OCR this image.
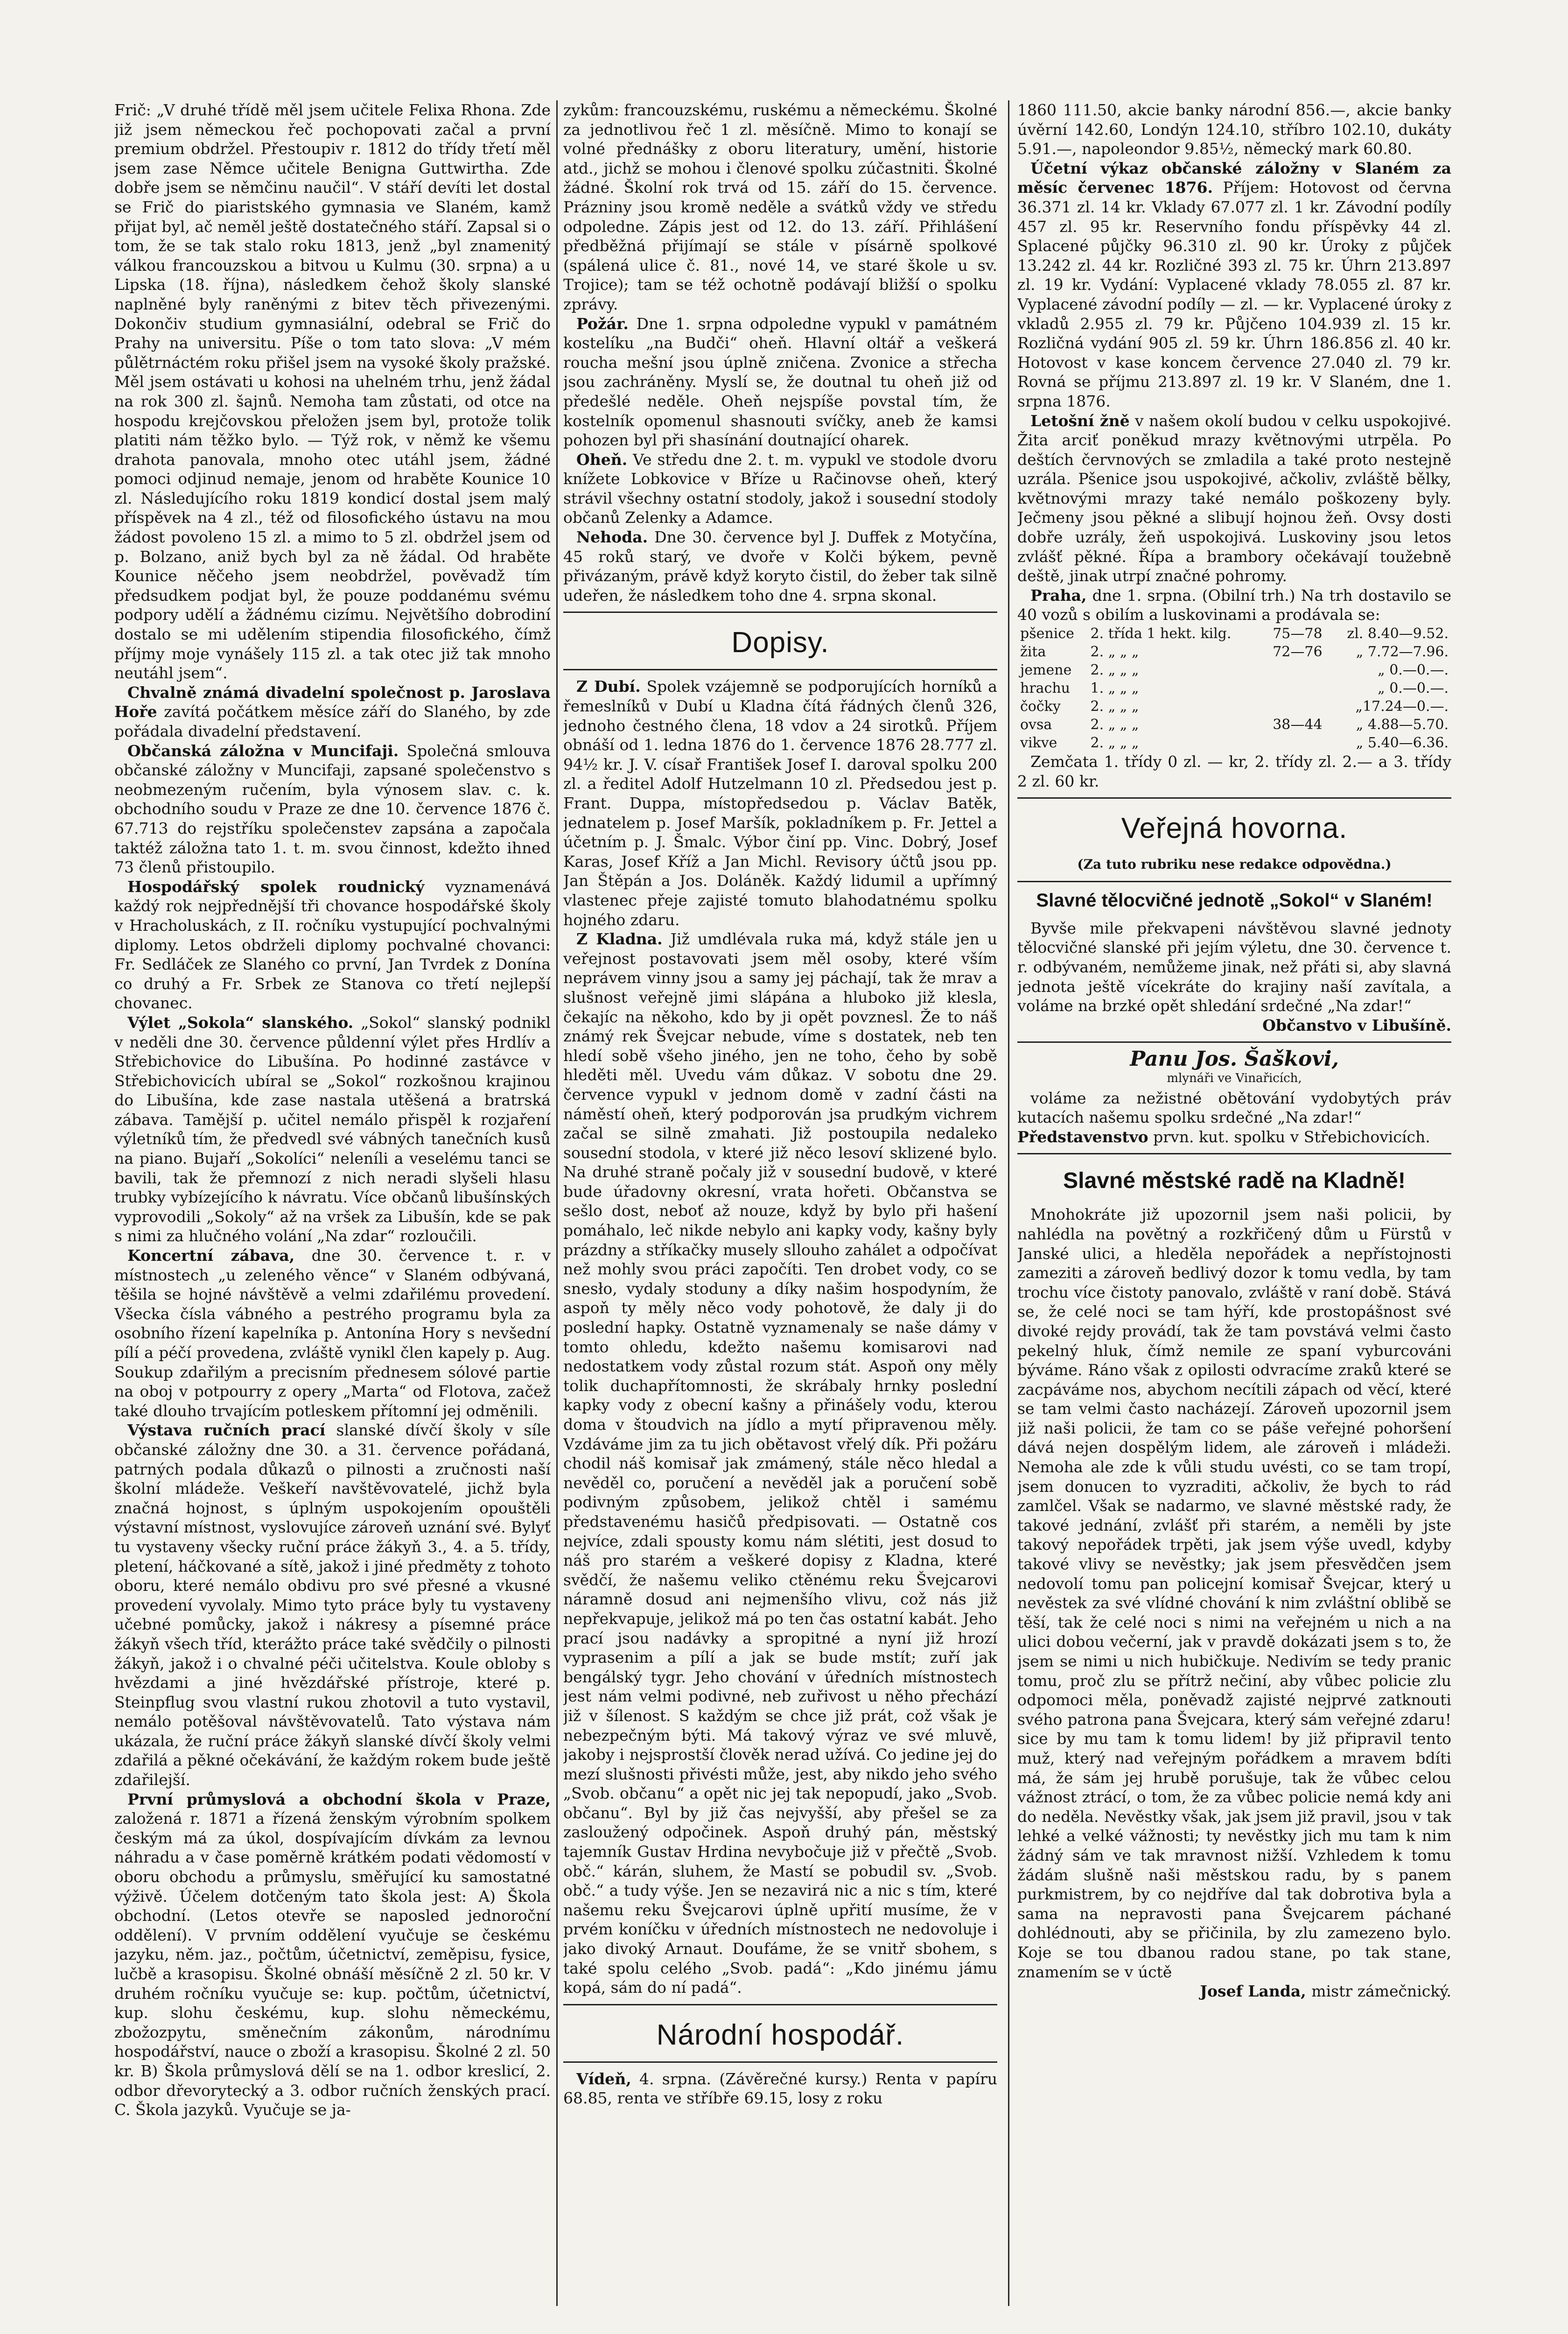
Frič: „V druhé třídě měl jsem učitele Felixa Rhona. Zde již jsem německou řeč pochopovati začal a první premium obdržel. Přestoupiv r. 1812 do třídy třetí měl jsem zase Němce učitele Benigna Guttwirtha. Zde dobře jsem se němčinu naučil“. V stáří devíti let dostal se Frič do piaristského gymnasia ve Slaném, kamž přijat byl, ač neměl ještě dostatečného stáří. Zapsal si o tom, že se tak stalo roku 1813, jenž „byl znamenitý válkou francouzskou a bitvou u Kulmu (30. srpna) a u Lipska (18. října), následkem čehož školy slanské naplněné byly raněnými z bitev těch přivezenými. Dokončiv studium gymnasiální, odebral se Frič do Prahy na universitu. Píše o tom tato slova: „V mém půlětrnáctém roku přišel jsem na vysoké školy pražské. Měl jsem ostávati u kohosi na uhelném trhu, jenž žádal na rok 300 zl. šajnů. Nemoha tam zůstati, od otce na hospodu krejčovskou přeložen jsem byl, protože tolik platiti nám těžko bylo. — Týž rok, v němž ke všemu drahota panovala, mnoho otec utáhl jsem, žádné pomoci odjinud nemaje, jenom od hraběte Kounice 10 zl. Následujícího roku 1819 kondicí dostal jsem malý příspěvek na 4 zl., též od filosofického ústavu na mou žádost povoleno 15 zl. a mimo to 5 zl. obdržel jsem od p. Bolzano, aniž bych byl za ně žádal. Od hraběte Kounice něčeho jsem neobdržel, pověvadž tím předsudkem podjat byl, že pouze poddanému svému podpory udělí a žádnému cizímu. Největšího dobrodiní dostalo se mi udělením stipendia filosofického, čímž příjmy moje vynášely 115 zl. a tak otec již tak mnoho neutáhl jsem“.

Chvalně známá divadelní společnost p. Jaroslava Hoře zavítá počátkem měsíce září do Slaného, by zde pořádala divadelní představení.

Občanská záložna v Muncifaji. Společná smlouva občanské záložny v Muncifaji, zapsané společenstvo s neobmezeným ručením, byla výnosem slav. c. k. obchodního soudu v Praze ze dne 10. července 1876 č. 67.713 do rejstříku společenstev zapsána a započala taktéž záložna tato 1. t. m. svou činnost, kdežto ihned 73 členů přistoupilo.

Hospodářský spolek roudnický vyznamenává každý rok nejpřednější tři chovance hospodářské školy v Hracholuskách, z II. ročníku vystupující pochvalnými diplomy. Letos obdrželi diplomy pochvalné chovanci: Fr. Sedláček ze Slaného co první, Jan Tvrdek z Donína co druhý a Fr. Srbek ze Stanova co třetí nejlepší chovanec.

Výlet „Sokola“ slanského. „Sokol“ slanský podnikl v neděli dne 30. července půldenní výlet přes Hrdlív a Střebichovice do Libušína. Po hodinné zastávce v Střebichovicích ubíral se „Sokol“ rozkošnou krajinou do Libušína, kde zase nastala utěšená a bratrská zábava. Tamější p. učitel nemálo přispěl k rozjaření výletníků tím, že předvedl své vábných tanečních kusů na piano. Bujaří „Sokolíci“ neleníli a veselému tanci se bavili, tak že přemnozí z nich neradi slyšeli hlasu trubky vybízejícího k návratu. Více občanů libušínských vyprovodili „Sokoly“ až na vršek za Libušín, kde se pak s nimi za hlučného volání „Na zdar“ rozloučili.

Koncertní zábava, dne 30. července t. r. v místnostech „u zeleného věnce“ v Slaném odbývaná, těšila se hojné návštěvě a velmi zdařilému provedení. Všecka čísla vábného a pestrého programu byla za osobního řízení kapelníka p. Antonína Hory s nevšední pílí a péčí provedena, zvláště vynikl člen kapely p. Aug. Soukup zdařilým a precisním přednesem sólové partie na oboj v potpourry z opery „Marta“ od Flotova, začež také dlouho trvajícím potleskem přítomní jej odměnili.

Výstava ručních prací slanské dívčí školy v síle občanské záložny dne 30. a 31. července pořádaná, patrných podala důkazů o pilnosti a zručnosti naší školní mládeže. Veškeří navštěvovatelé, jichž byla značná hojnost, s úplným uspokojením opouštěli výstavní místnost, vyslovujíce zároveň uznání své. Bylyť tu vystaveny všecky ruční práce žákyň 3., 4. a 5. třídy, pletení, háčkované a sítě, jakož i jiné předměty z tohoto oboru, které nemálo obdivu pro své přesné a vkusné provedení vyvolaly. Mimo tyto práce byly tu vystaveny učebné pomůcky, jakož i nákresy a písemné práce žákyň všech tříd, kterážto práce také svědčily o pilnosti žákyň, jakož i o chvalné péči učitelstva. Koule obloby s hvězdami a jiné hvězdářské přístroje, které p. Steinpflug svou vlastní rukou zhotovil a tuto vystavil, nemálo potěšoval návštěvovatelů. Tato výstava nám ukázala, že ruční práce žákyň slanské dívčí školy velmi zdařilá a pěkné očekávání, že každým rokem bude ještě zdařilejší.

První průmyslová a obchodní škola v Praze, založená r. 1871 a řízená ženským výrobním spolkem českým má za úkol, dospívajícím dívkám za levnou náhradu a v čase poměrně krátkém podati vědomostí v oboru obchodu a průmyslu, směřující ku samostatné výživě. Účelem dotčeným tato škola jest: A) Škola obchodní. (Letos otevře se naposled jednoroční oddělení). V prvním oddělení vyučuje se českému jazyku, něm. jaz., počtům, účetnictví, zeměpisu, fysice, lučbě a krasopisu. Školné obnáší měsíčně 2 zl. 50 kr. V druhém ročníku vyučuje se: kup. počtům, účetnictví, kup. slohu českému, kup. slohu německému, zbožozpytu, směnečním zákonům, národnímu hospodářství, nauce o zboží a krasopisu. Školné 2 zl. 50 kr. B) Škola průmyslová dělí se na 1. odbor kreslicí, 2. odbor dřevorytecký a 3. odbor ručních ženských prací. C. Škola jazyků. Vyučuje se ja-

zykům: francouzskému, ruskému a německému. Školné za jednotlivou řeč 1 zl. měsíčně. Mimo to konají se volné přednášky z oboru literatury, umění, historie atd., jichž se mohou i členové spolku zúčastniti. Školné žádné. Školní rok trvá od 15. září do 15. července. Prázniny jsou kromě neděle a svátků vždy ve středu odpoledne. Zápis jest od 12. do 13. září. Přihlášení předběžná přijímají se stále v písárně spolkové (spálená ulice č. 81., nové 14, ve staré škole u sv. Trojice); tam se též ochotně podávají bližší o spolku zprávy.

Požár. Dne 1. srpna odpoledne vypukl v památném kostelíku „na Budči“ oheň. Hlavní oltář a veškerá roucha mešní jsou úplně zničena. Zvonice a střecha jsou zachráněny. Myslí se, že doutnal tu oheň již od předešlé neděle. Oheň nejspíše povstal tím, že kostelník opomenul shasnouti svíčky, aneb že kamsi pohozen byl při shasínání doutnající oharek.

Oheň. Ve středu dne 2. t. m. vypukl ve stodole dvoru knížete Lobkovice v Bříze u Račinovse oheň, který strávil všechny ostatní stodoly, jakož i sousední stodoly občanů Zelenky a Adamce.

Nehoda. Dne 30. července byl J. Duffek z Motyčína, 45 roků starý, ve dvoře v Kolči býkem, pevně přivázaným, právě když koryto čistil, do žeber tak silně udeřen, že následkem toho dne 4. srpna skonal.

Dopisy.

Z Dubí. Spolek vzájemně se podporujících horníků a řemeslníků v Dubí u Kladna čítá řádných členů 326, jednoho čestného člena, 18 vdov a 24 sirotků. Příjem obnáší od 1. ledna 1876 do 1. července 1876 28.777 zl. 94½ kr. J. V. císař František Josef I. daroval spolku 200 zl. a ředitel Adolf Hutzelmann 10 zl. Předsedou jest p. Frant. Duppa, místopředsedou p. Václav Batěk, jednatelem p. Josef Maršík, pokladníkem p. Fr. Jettel a účetním p. J. Šmalc. Výbor činí pp. Vinc. Dobrý, Josef Karas, Josef Kříž a Jan Michl. Revisory účtů jsou pp. Jan Štěpán a Jos. Doláněk. Každý lidumil a upřímný vlastenec přeje zajisté tomuto blahodatnému spolku hojného zdaru.

Z Kladna. Již umdlévala ruka má, když stále jen u veřejnost postavovati jsem měl osoby, které vším neprávem vinny jsou a samy jej páchají, tak že mrav a slušnost veřejně jimi slápána a hluboko již klesla, čekajíc na někoho, kdo by ji opět povznesl. Že to náš známý rek Švejcar nebude, víme s dostatek, neb ten hledí sobě všeho jiného, jen ne toho, čeho by sobě hleděti měl. Uvedu vám důkaz. V sobotu dne 29. července vypukl v jednom domě v zadní části na náměstí oheň, který podporován jsa prudkým vichrem začal se silně zmahati. Již postoupila nedaleko sousední stodola, v které již něco lesoví sklizené bylo. Na druhé straně počaly již v sousední budově, v které bude úřadovny okresní, vrata hořeti. Občanstva se sešlo dost, neboť až nouze, když by bylo při hašení pomáhalo, leč nikde nebylo ani kapky vody, kašny byly prázdny a stříkačky musely sllouho zahálet a odpočívat než mohly svou práci započíti. Ten drobet vody, co se snesło, vydaly stoduny a díky našim hospodyním, že aspoň ty měly něco vody pohotově, že daly ji do poslední hapky. Ostatně vyznamenaly se naše dámy v tomto ohledu, kdežto našemu komisarovi nad nedostatkem vody zůstal rozum stát. Aspoň ony měly tolik duchapřítomnosti, že skrábaly hrnky poslední kapky vody z obecní kašny a přinášely vodu, kterou doma v štoudvich na jídlo a mytí připravenou měly. Vzdáváme jim za tu jich obětavost vřelý dík. Při požáru chodil náš komisař jak zmámený, stále něco hledal a nevěděl co, poručení a nevěděl jak a poručení sobě podivným způsobem, jelikož chtěl i samému představenému hasičů předpisovati. — Ostatně cos nejvíce, zdali spousty komu nám slétiti, jest dosud to náš pro starém a veškeré dopisy z Kladna, které svědčí, že našemu veliko ctěnému reku Švejcarovi náramně dosud ani nejmenšího vlivu, což nás již nepřekvapuje, jelikož má po ten čas ostatní kabát. Jeho prací jsou nadávky a spropitné a nyní již hrozí vyprasenim a pílí a jak se bude mstít; zuří jak bengálský tygr. Jeho chování v úředních místnostech jest nám velmi podivné, neb zuřivost u něho přechází již v šílenost. S každým se chce již prát, což však je nebezpečným býti. Má takový výraz ve své mluvě, jakoby i nejsprostší člověk nerad užívá. Co jedine jej do mezí slušnosti přivésti může, jest, aby nikdo jeho svého „Svob. občanu“ a opět nic jej tak nepopudí, jako „Svob. občanu“. Byl by již čas nejvyšší, aby přešel se za zasloužený odpočinek. Aspoň druhý pán, městský tajemník Gustav Hrdina nevybočuje již v přečtě „Svob. obč.“ kárán, sluhem, že Mastí se pobudil sv. „Svob. obč.“ a tudy výše. Jen se nezavirá nic a nic s tím, které našemu reku Švejcarovi úplně upřití musíme, že v prvém koníčku v úředních místnostech ne nedovoluje i jako divoký Arnaut. Doufáme, že se vnitř sbohem, s také spolu celého „Svob. padá“: „Kdo jinému jámu kopá, sám do ní padá“.

Národní hospodář.

Vídeň, 4. srpna. (Závěrečné kursy.) Renta v papíru 68.85, renta ve stříbře 69.15, losy z roku

1860 111.50, akcie banky národní 856.—, akcie banky úvěrní 142.60, Londýn 124.10, stříbro 102.10, dukáty 5.91.—, napoleondor 9.85½, německý mark 60.80.

Účetní výkaz občanské záložny v Slaném za měsíc červenec 1876. Příjem: Hotovost od června 36.371 zl. 14 kr. Vklady 67.077 zl. 1 kr. Závodní podíly 457 zl. 95 kr. Reservního fondu příspěvky 44 zl. Splacené půjčky 96.310 zl. 90 kr. Úroky z půjček 13.242 zl. 44 kr. Rozličné 393 zl. 75 kr. Úhrn 213.897 zl. 19 kr. Vydání: Vyplacené vklady 78.055 zl. 87 kr. Vyplacené závodní podíly — zl. — kr. Vyplacené úroky z vkladů 2.955 zl. 79 kr. Půjčeno 104.939 zl. 15 kr. Rozličná vydání 905 zl. 59 kr. Úhrn 186.856 zl. 40 kr. Hotovost v kase koncem července 27.040 zl. 79 kr. Rovná se příjmu 213.897 zl. 19 kr. V Slaném, dne 1. srpna 1876.

Letošní žně v našem okolí budou v celku uspokojivé. Žita arciť poněkud mrazy květnovými utrpěla. Po deštích červnových se zmladila a také proto nestejně uzrála. Pšenice jsou uspokojivé, ačkoliv, zvláště bělky, květnovými mrazy také nemálo poškozeny byly. Ječmeny jsou pěkné a slibují hojnou žeň. Ovsy dosti dobře uzrály, žeň uspokojivá. Luskoviny jsou letos zvlášť pěkné. Řípa a brambory očekávají toužebně deště, jinak utrpí značné pohromy.

Praha, dne 1. srpna. (Obilní trh.) Na trh dostavilo se 40 vozů s obilím a luskovinami a prodávala se:

pšenice	2. třída 1 hekt. kilg.	75—78	zl. 8.40—9.52.
žita	2. „ „ „	72—76	„ 7.72—7.96.
jemene	2. „ „ „		„ 0.—0.—.
hrachu	1. „ „ „		„ 0.—0.—.
čočky	2. „ „ „		„17.24—0.—.
ovsa	2. „ „ „	38—44	„ 4.88—5.70.
vikve	2. „ „ „		„ 5.40—6.36.

Zemčata 1. třídy 0 zl. — kr, 2. třídy zl. 2.— a 3. třídy 2 zl. 60 kr.

Veřejná hovorna.
(Za tuto rubriku nese redakce odpovědna.)
Slavné tělocvičné jednotě „Sokol“ v Slaném!

Byvše mile překvapeni návštěvou slavné jednoty tělocvičné slanské při jejím výletu, dne 30. července t. r. odbývaném, nemůžeme jinak, než přáti si, aby slavná jednota ještě vícekráte do krajiny naší zavítala, a voláme na brzké opět shledání srdečné „Na zdar!“

Občanstvo v Libušíně.

Panu Jos. Šaškovi,

mlynáři ve Vinařicích,

voláme za nežistné obětování vydobytých práv kutacích našemu spolku srdečné „Na zdar!“

Představenstvo prvn. kut. spolku v Střebichovicích.

Slavné městské radě na Kladně!

Mnohokráte již upozornil jsem naši policii, by nahlédla na povětný a rozkřičený dům u Fürstů v Janské ulici, a hleděla nepořádek a nepřístojnosti zameziti a zároveň bedlivý dozor k tomu vedla, by tam trochu více čistoty panovalo, zvláště v raní době. Stává se, že celé noci se tam hýří, kde prostopášnost své divoké rejdy provádí, tak že tam povstává velmi často pekelný hluk, čímž nemile ze spaní vyburcováni býváme. Ráno však z opilosti odvracíme zraků které se zacpáváme nos, abychom necítili zápach od věcí, které se tam velmi často nacházejí. Zároveň upozornil jsem již naši policii, že tam co se páše veřejné pohoršení dává nejen dospělým lidem, ale zároveň i mládeži. Nemoha ale zde k vůli studu uvésti, co se tam tropí, jsem donucen to vyzraditi, ačkoliv, že bych to rád zamlčel. Však se nadarmo, ve slavné městské rady, že takové jednání, zvlášť při starém, a neměli by jste takový nepořádek trpěti, jak jsem výše uvedl, kdyby takové vlivy se nevěstky; jak jsem přesvědčen jsem nedovolí tomu pan policejní komisař Švejcar, který u nevěstek za své vlídné chování k nim zvláštní oblibě se těší, tak že celé noci s nimi na veřejném u nich a na ulici dobou večerní, jak v pravdě dokázati jsem s to, že jsem se nimi u nich hubičkuje. Nedivím se tedy pranic tomu, proč zlu se přítrž nečiní, aby vůbec policie zlu odpomoci měla, poněvadž zajisté nejprvé zatknouti svého patrona pana Švejcara, který sám veřejné zdaru! sice by mu tam k tomu lidem! by již připravil tento muž, který nad veřejným pořádkem a mravem bdíti má, že sám jej hrubě porušuje, tak že vůbec celou vážnost ztrácí, o tom, že za vůbec policie nemá kdy ani do neděla. Nevěstky však, jak jsem již pravil, jsou v tak lehké a velké vážnosti; ty nevěstky jich mu tam k nim žádný sám ve tak mravnost nižší. Vzhledem k tomu žádám slušně naši městskou radu, by s panem purkmistrem, by co nejdříve dal tak dobrotiva byla a sama na nepravosti pana Švejcarem páchané dohlédnouti, aby se přičinila, by zlu zamezeno bylo. Koje se tou dbanou radou stane, po tak stane, znamením se v úctě

Josef Landa, mistr zámečnický.
